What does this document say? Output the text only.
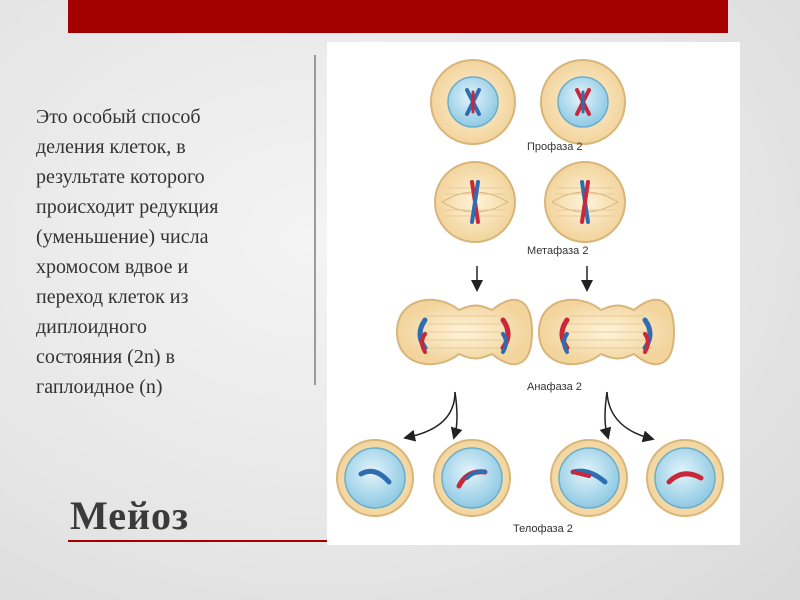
Это особый способ
деления клеток, в
результате которого
происходит редукция
(уменьшение) числа
хромосом вдвое и
переход клеток из
диплоидного
состояния (2n) в
гаплоидное (n)
Мейоз
Профаза 2
Метафаза 2
Анафаза 2
Телофаза 2
